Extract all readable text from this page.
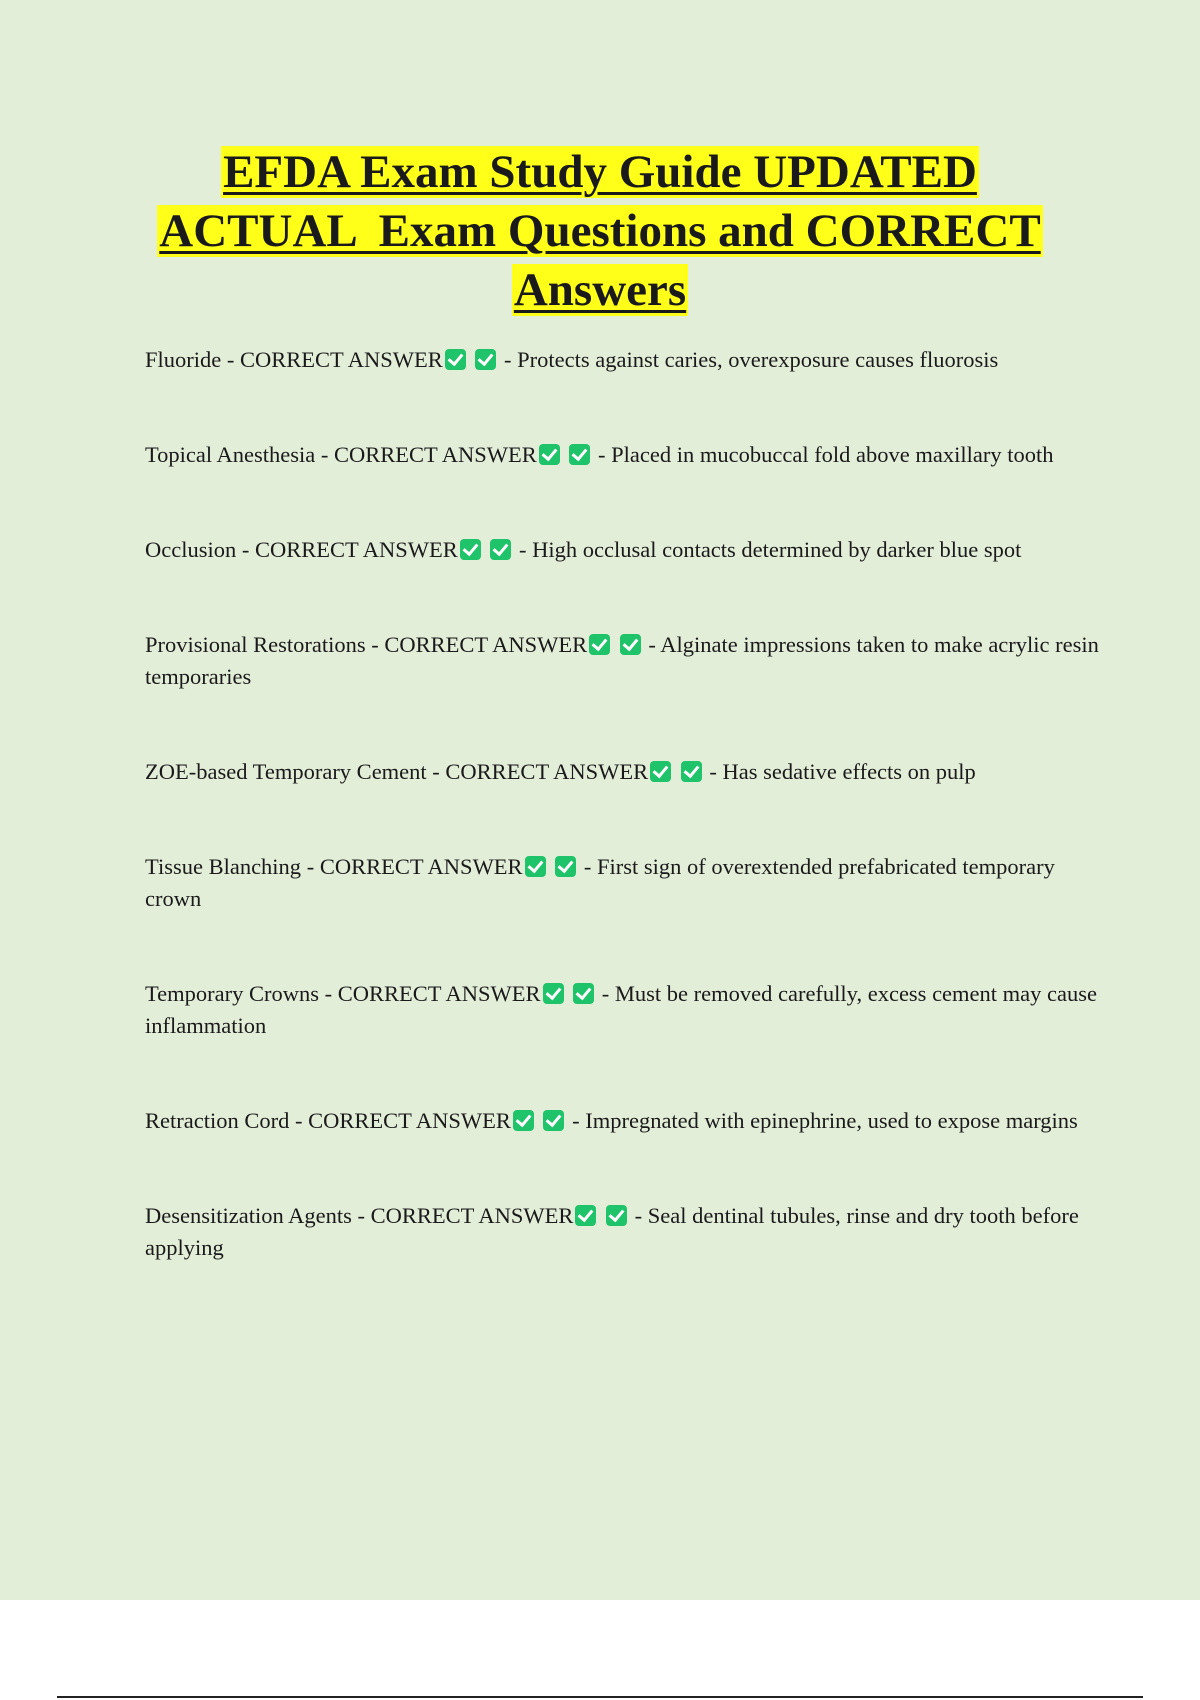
EFDA Exam Study Guide UPDATED
ACTUAL  Exam Questions and CORRECT
Answers

Fluoride - CORRECT ANSWER  - Protects against caries, overexposure causes fluorosis

Topical Anesthesia - CORRECT ANSWER  - Placed in mucobuccal fold above maxillary tooth

Occlusion - CORRECT ANSWER  - High occlusal contacts determined by darker blue spot

Provisional Restorations - CORRECT ANSWER  - Alginate impressions taken to make acrylic resin temporaries

ZOE-based Temporary Cement - CORRECT ANSWER  - Has sedative effects on pulp

Tissue Blanching - CORRECT ANSWER  - First sign of overextended prefabricated temporary crown

Temporary Crowns - CORRECT ANSWER  - Must be removed carefully, excess cement may cause inflammation

Retraction Cord - CORRECT ANSWER  - Impregnated with epinephrine, used to expose margins

Desensitization Agents - CORRECT ANSWER  - Seal dentinal tubules, rinse and dry tooth before applying
